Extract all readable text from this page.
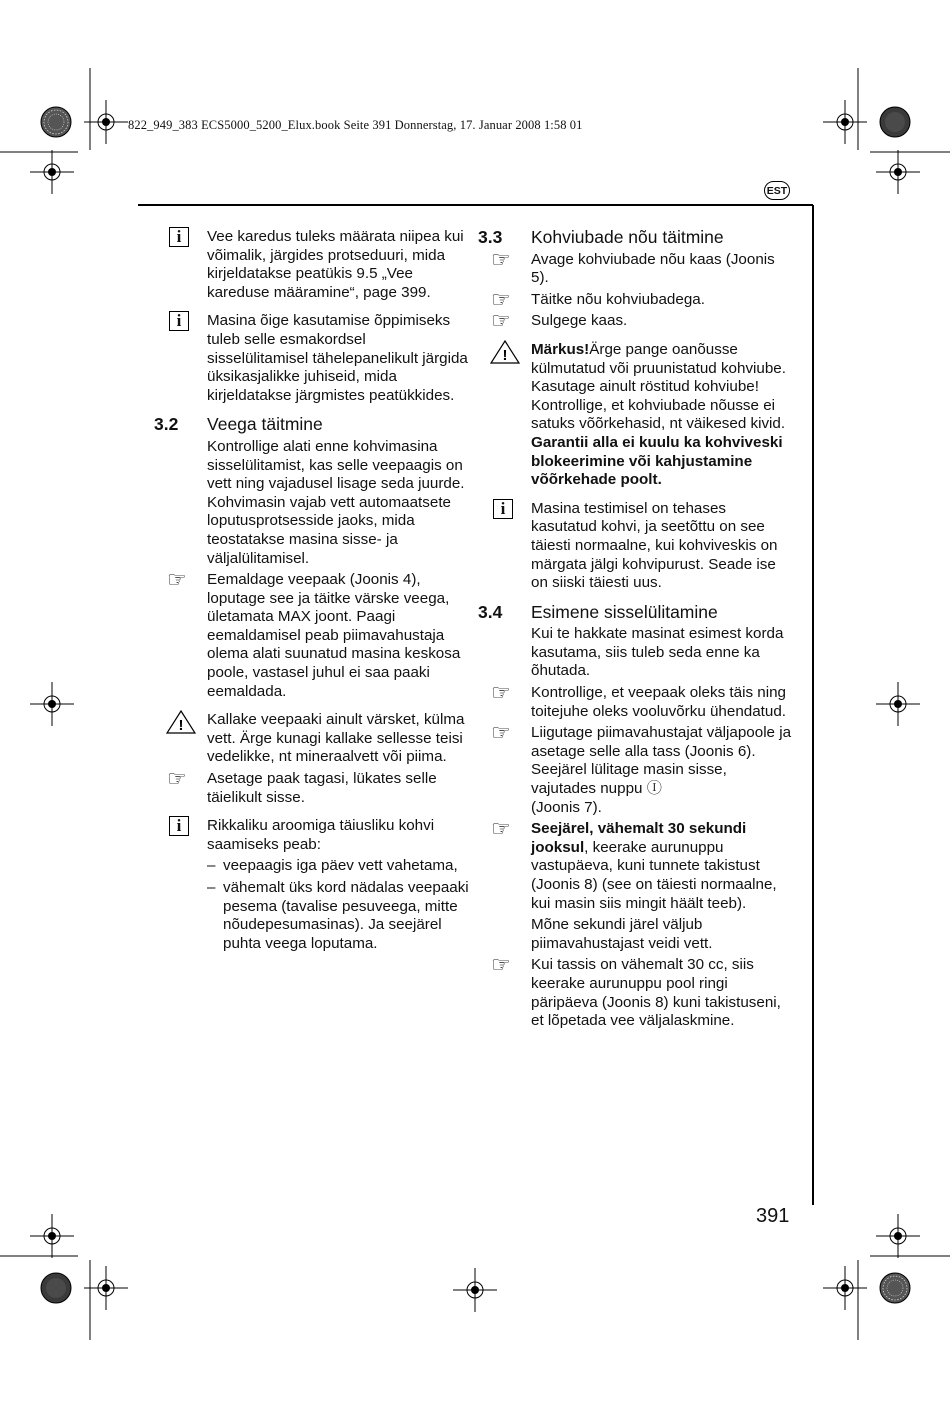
822_949_383 ECS5000_5200_Elux.book Seite 391 Donnerstag, 17. Januar 2008 1:58 01
EST
391
i	Vee karedus tuleks määrata niipea kui võimalik, järgides protseduuri, mida kirjeldatakse peatükis 9.5 „Vee kareduse määramine“, page 399.

i	Masina õige kasutamise õppimiseks tuleb selle esmakordsel sisselülitamisel tähelepanelikult järgida üksikasjalikke juhiseid, mida kirjeldatakse järgmistes peatükkides.

3.2 Veega täitmine

Kontrollige alati enne kohvimasina sisselülitamist, kas selle veepaagis on vett ning vajadusel lisage seda juurde. Kohvimasin vajab vett automaatsete loputusprotsesside jaoks, mida teostatakse masina sisse- ja väljalülitamisel.

☞ Eemaldage veepaak (Joonis 4), loputage see ja täitke värske veega, ületamata MAX joont. Paagi eemaldamisel peab piimavahustaja olema alati suunatud masina keskosa poole, vastasel juhul ei saa paaki eemaldada.

! Kallake veepaaki ainult värsket, külma vett. Ärge kunagi kallake sellesse teisi vedelikke, nt mineraalvett või piima.

☞ Asetage paak tagasi, lükates selle täielikult sisse.

i	Rikkaliku aroomiga täiusliku kohvi saamiseks peab:

– veepaagis iga päev vett vahetama,

– vähemalt üks kord nädalas veepaaki pesema (tavalise pesuveega, mitte nõudepesumasinas). Ja seejärel puhta veega loputama.

3.3 Kohviubade nõu täitmine
☞ Avage kohviubade nõu kaas (Joonis 5).

☞ Täitke nõu kohviubadega.

☞ Sulgege kaas.

! Märkus!Ärge pange oanõusse külmutatud või pruunistatud kohviube. Kasutage ainult röstitud kohviube! Kontrollige, et kohviubade nõusse ei satuks võõrkehasid, nt väikesed kivid. Garantii alla ei kuulu ka kohviveski blokeerimine või kahjustamine võõrkehade poolt.

i	Masina testimisel on tehases kasutatud kohvi, ja seetõttu on see täiesti normaalne, kui kohviveskis on märgata jälgi kohvipurust. Seade ise on siiski täiesti uus.

3.4 Esimene sisselülitamine

Kui te hakkate masinat esimest korda kasutama, siis tuleb seda enne ka õhutada.

☞ Kontrollige, et veepaak oleks täis ning toitejuhe oleks vooluvõrku ühendatud.

☞ Liigutage piimavahustajat väljapoole ja asetage selle alla tass (Joonis 6). Seejärel lülitage masin sisse, vajutades nuppu Ⓘ
(Joonis 7).

☞ Seejärel, vähemalt 30 sekundi jooksul, keerake aurunuppu vastupäeva, kuni tunnete takistust (Joonis 8) (see on täiesti normaalne, kui masin siis mingit häält teeb).

Mõne sekundi järel väljub piimavahustajast veidi vett.

☞ Kui tassis on vähemalt 30 cc, siis keerake aurunuppu pool ringi päripäeva (Joonis 8) kuni takistuseni, et lõpetada vee väljalaskmine.
